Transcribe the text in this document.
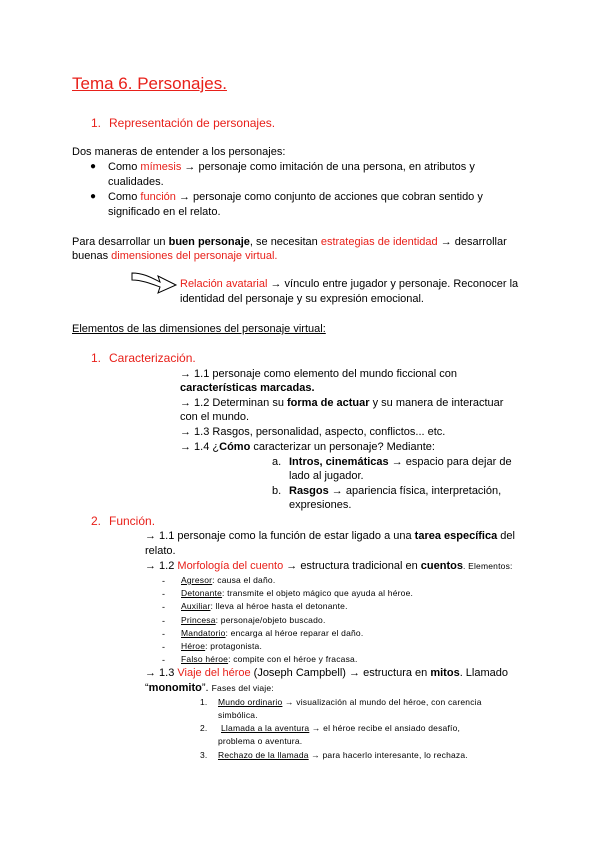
Tema 6. Personajes.
1. Representación de personajes.
Dos maneras de entender a los personajes:
● Como mímesis → personaje como imitación de una persona, en atributos y
cualidades.
● Como función → personaje como conjunto de acciones que cobran sentido y
significado en el relato.
Para desarrollar un buen personaje, se necesitan estrategias de identidad → desarrollar
buenas dimensiones del personaje virtual.
Relación avatarial → vínculo entre jugador y personaje. Reconocer la
identidad del personaje y su expresión emocional.
Elementos de las dimensiones del personaje virtual:
1. Caracterización.
→ 1.1 personaje como elemento del mundo ficcional con
características marcadas.
→ 1.2 Determinan su forma de actuar y su manera de interactuar
con el mundo.
→ 1.3 Rasgos, personalidad, aspecto, conflictos... etc.
→ 1.4 ¿Cómo caracterizar un personaje? Mediante:
a. Intros, cinemáticas → espacio para dejar de
lado al jugador.
b. Rasgos → apariencia física, interpretación,
expresiones.
2. Función.
→ 1.1 personaje como la función de estar ligado a una tarea específica del
relato.
→ 1.2 Morfología del cuento → estructura tradicional en cuentos. Elementos:
- Agresor: causa el daño.
- Detonante: transmite el objeto mágico que ayuda al héroe.
- Auxiliar: lleva al héroe hasta el detonante.
- Princesa: personaje/objeto buscado.
- Mandatorio: encarga al héroe reparar el daño.
- Héroe: protagonista.
- Falso héroe: compite con el héroe y fracasa.
→ 1.3 Viaje del héroe (Joseph Campbell) → estructura en mitos. Llamado
“monomito”. Fases del viaje:
1. Mundo ordinario → visualización al mundo del héroe, con carencia
simbólica.
2. Llamada a la aventura → el héroe recibe el ansiado desafío,
problema o aventura.
3. Rechazo de la llamada → para hacerlo interesante, lo rechaza.
